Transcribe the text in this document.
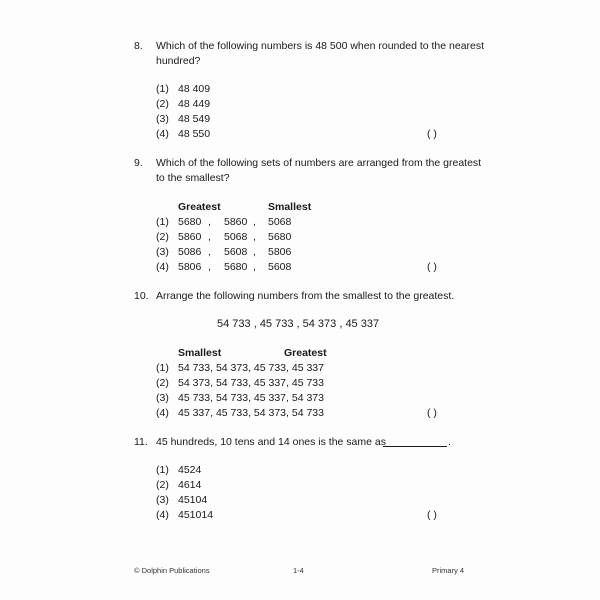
8. Which of the following numbers is 48 500 when rounded to the nearest
hundred?
(1) 48 409
(2) 48 449
(3) 48 549
(4) 48 550	( )
9. Which of the following sets of numbers are arranged from the greatest
to the smallest?
Greatest	Smallest
(1) 5680 , 5860 , 5068
(2) 5860 , 5068 , 5680
(3) 5086 , 5608 , 5806
(4) 5806 , 5680 , 5608	( )
10. Arrange the following numbers from the smallest to the greatest.
54 733 , 45 733 , 54 373 , 45 337
Smallest	Greatest
(1) 54 733, 54 373, 45 733, 45 337
(2) 54 373, 54 733, 45 337, 45 733
(3) 45 733, 54 733, 45 337, 54 373
(4) 45 337, 45 733, 54 373, 54 733	( )
11. 45 hundreds, 10 tens and 14 ones is the same as	.
(1) 4524
(2) 4614
(3) 45104
(4) 451014	( )
© Dolphin Publications	1-4	Primary 4
